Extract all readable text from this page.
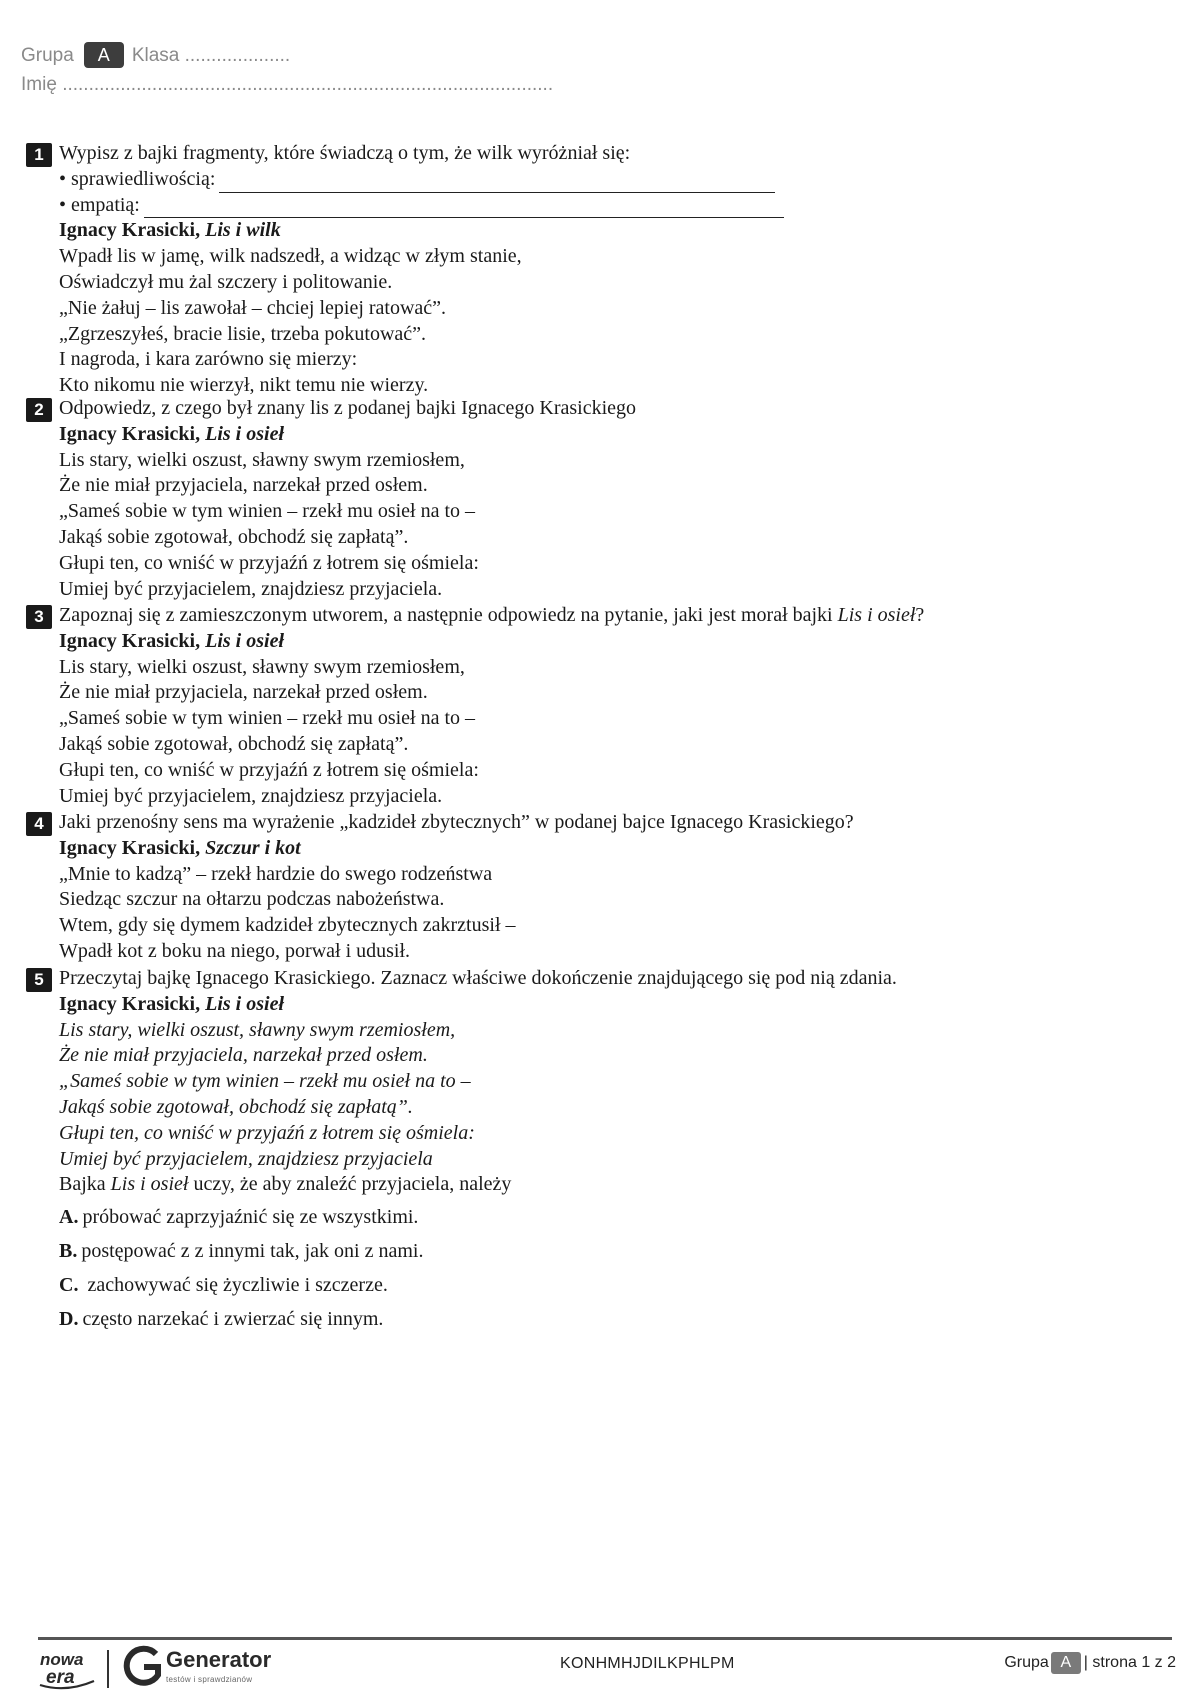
Grupa A Klasa ....................
Imię .............................................................................................
1 Wypisz z bajki fragmenty, które świadczą o tym, że wilk wyróżniał się:
• sprawiedliwością:
• empatią:
Ignacy Krasicki, Lis i wilk
Wpadł lis w jamę, wilk nadszedł, a widząc w złym stanie,
Oświadczył mu żal szczery i politowanie.
„Nie żałuj – lis zawołał – chciej lepiej ratować”.
„Zgrzeszyłeś, bracie lisie, trzeba pokutować”.
I nagroda, i kara zarówno się mierzy:
Kto nikomu nie wierzył, nikt temu nie wierzy.
2 Odpowiedz, z czego był znany lis z podanej bajki Ignacego Krasickiego
Ignacy Krasicki, Lis i osieł
Lis stary, wielki oszust, sławny swym rzemiosłem,
Że nie miał przyjaciela, narzekał przed osłem.
„Sameś sobie w tym winien – rzekł mu osieł na to –
Jakąś sobie zgotował, obchodź się zapłatą”.
Głupi ten, co wniść w przyjaźń z łotrem się ośmiela:
Umiej być przyjacielem, znajdziesz przyjaciela.
3 Zapoznaj się z zamieszczonym utworem, a następnie odpowiedz na pytanie, jaki jest morał bajki Lis i osieł?
Ignacy Krasicki, Lis i osieł
Lis stary, wielki oszust, sławny swym rzemiosłem,
Że nie miał przyjaciela, narzekał przed osłem.
„Sameś sobie w tym winien – rzekł mu osieł na to –
Jakąś sobie zgotował, obchodź się zapłatą”.
Głupi ten, co wniść w przyjaźń z łotrem się ośmiela:
Umiej być przyjacielem, znajdziesz przyjaciela.
4 Jaki przenośny sens ma wyrażenie „kadzideł zbytecznych” w podanej bajce Ignacego Krasickiego?
Ignacy Krasicki, Szczur i kot
„Mnie to kadzą” – rzekł hardzie do swego rodzeństwa
Siedząc szczur na ołtarzu podczas nabożeństwa.
Wtem, gdy się dymem kadzideł zbytecznych zakrztusił –
Wpadł kot z boku na niego, porwał i udusił.
5 Przeczytaj bajkę Ignacego Krasickiego. Zaznacz właściwe dokończenie znajdującego się pod nią zdania.
Ignacy Krasicki, Lis i osieł
Lis stary, wielki oszust, sławny swym rzemiosłem,
Że nie miał przyjaciela, narzekał przed osłem.
„Sameś sobie w tym winien – rzekł mu osieł na to –
Jakąś sobie zgotował, obchodź się zapłatą”.
Głupi ten, co wniść w przyjaźń z łotrem się ośmiela:
Umiej być przyjacielem, znajdziesz przyjaciela
Bajka Lis i osieł uczy, że aby znaleźć przyjaciela, należy
A. próbować zaprzyjaźnić się ze wszystkimi.
B. postępować z z innymi tak, jak oni z nami.
C. zachowywać się życzliwie i szczerze.
D. często narzekać i zwierzać się innym.
nowa
era
Generator
testów i sprawdzianów
KONHMHJDILKPHLPM	Grupa A | strona 1 z 2
